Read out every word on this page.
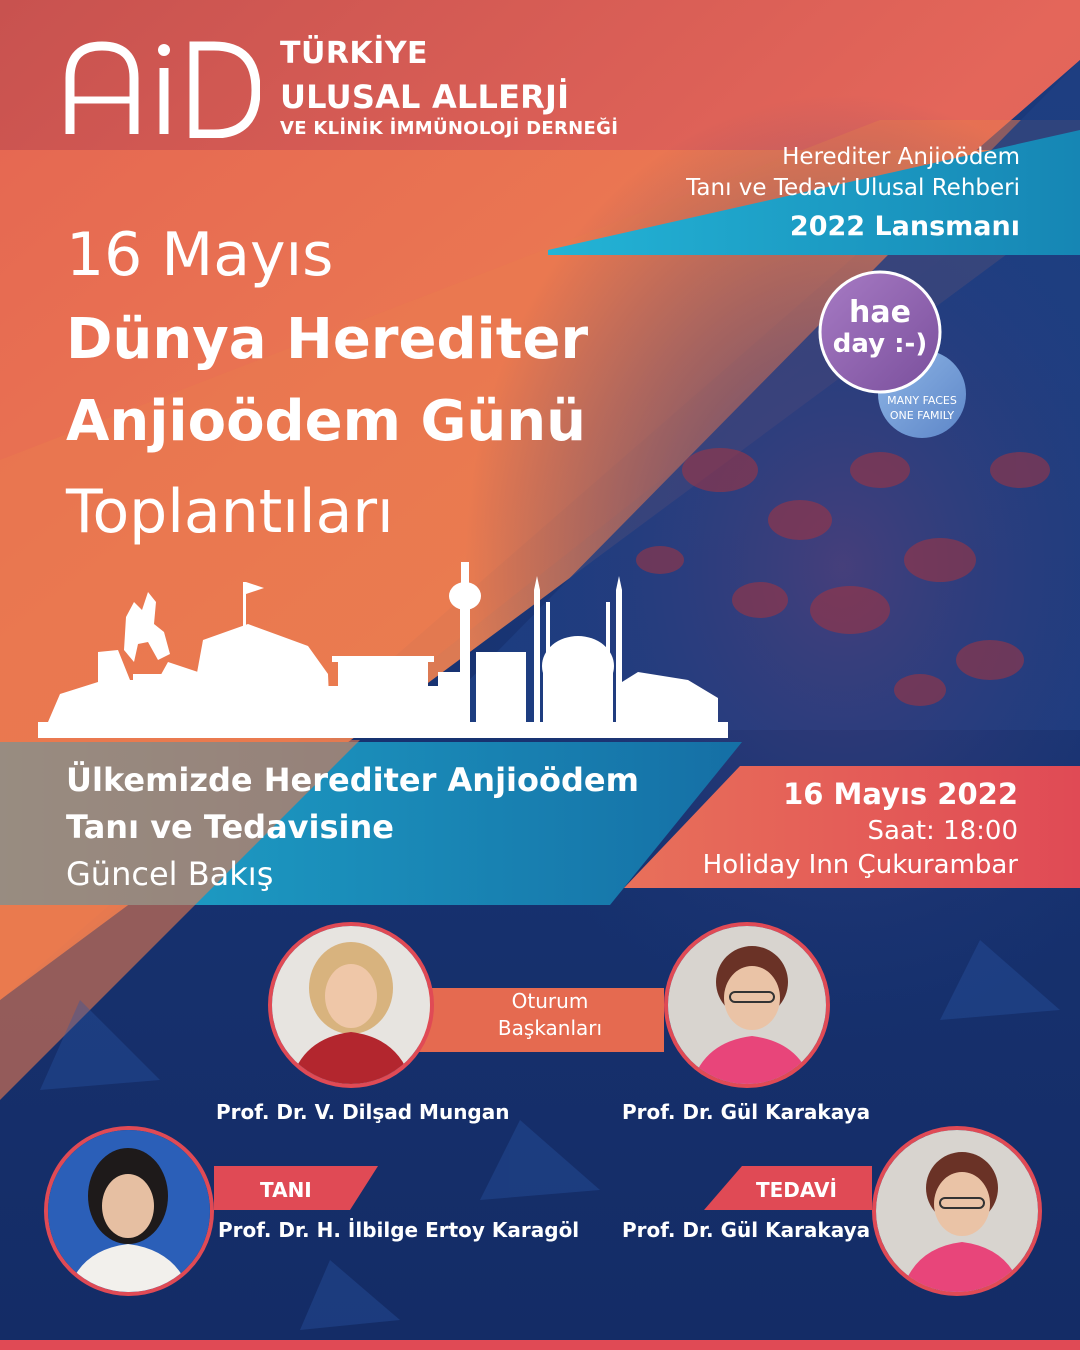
TÜRKİYE
ULUSAL ALLERJİ
VE KLİNİK İMMÜNOLOJİ DERNEĞİ
Herediter Anjioödem
Tanı ve Tedavi Ulusal Rehberi
2022 Lansmanı
16 Mayıs
Dünya Herediter
Anjioödem Günü
Toplantıları
hae
day :-)
MANY FACES
ONE FAMILY
Ülkemizde Herediter Anjioödem
Tanı ve Tedavisine
Güncel Bakış
16 Mayıs 2022
Saat: 18:00
Holiday Inn Çukurambar
Oturum
Başkanları
Prof. Dr. V. Dilşad Mungan	Prof. Dr. Gül Karakaya
TANI	TEDAVİ
Prof. Dr. H. İlbilge Ertoy Karagöl Prof. Dr. Gül Karakaya
